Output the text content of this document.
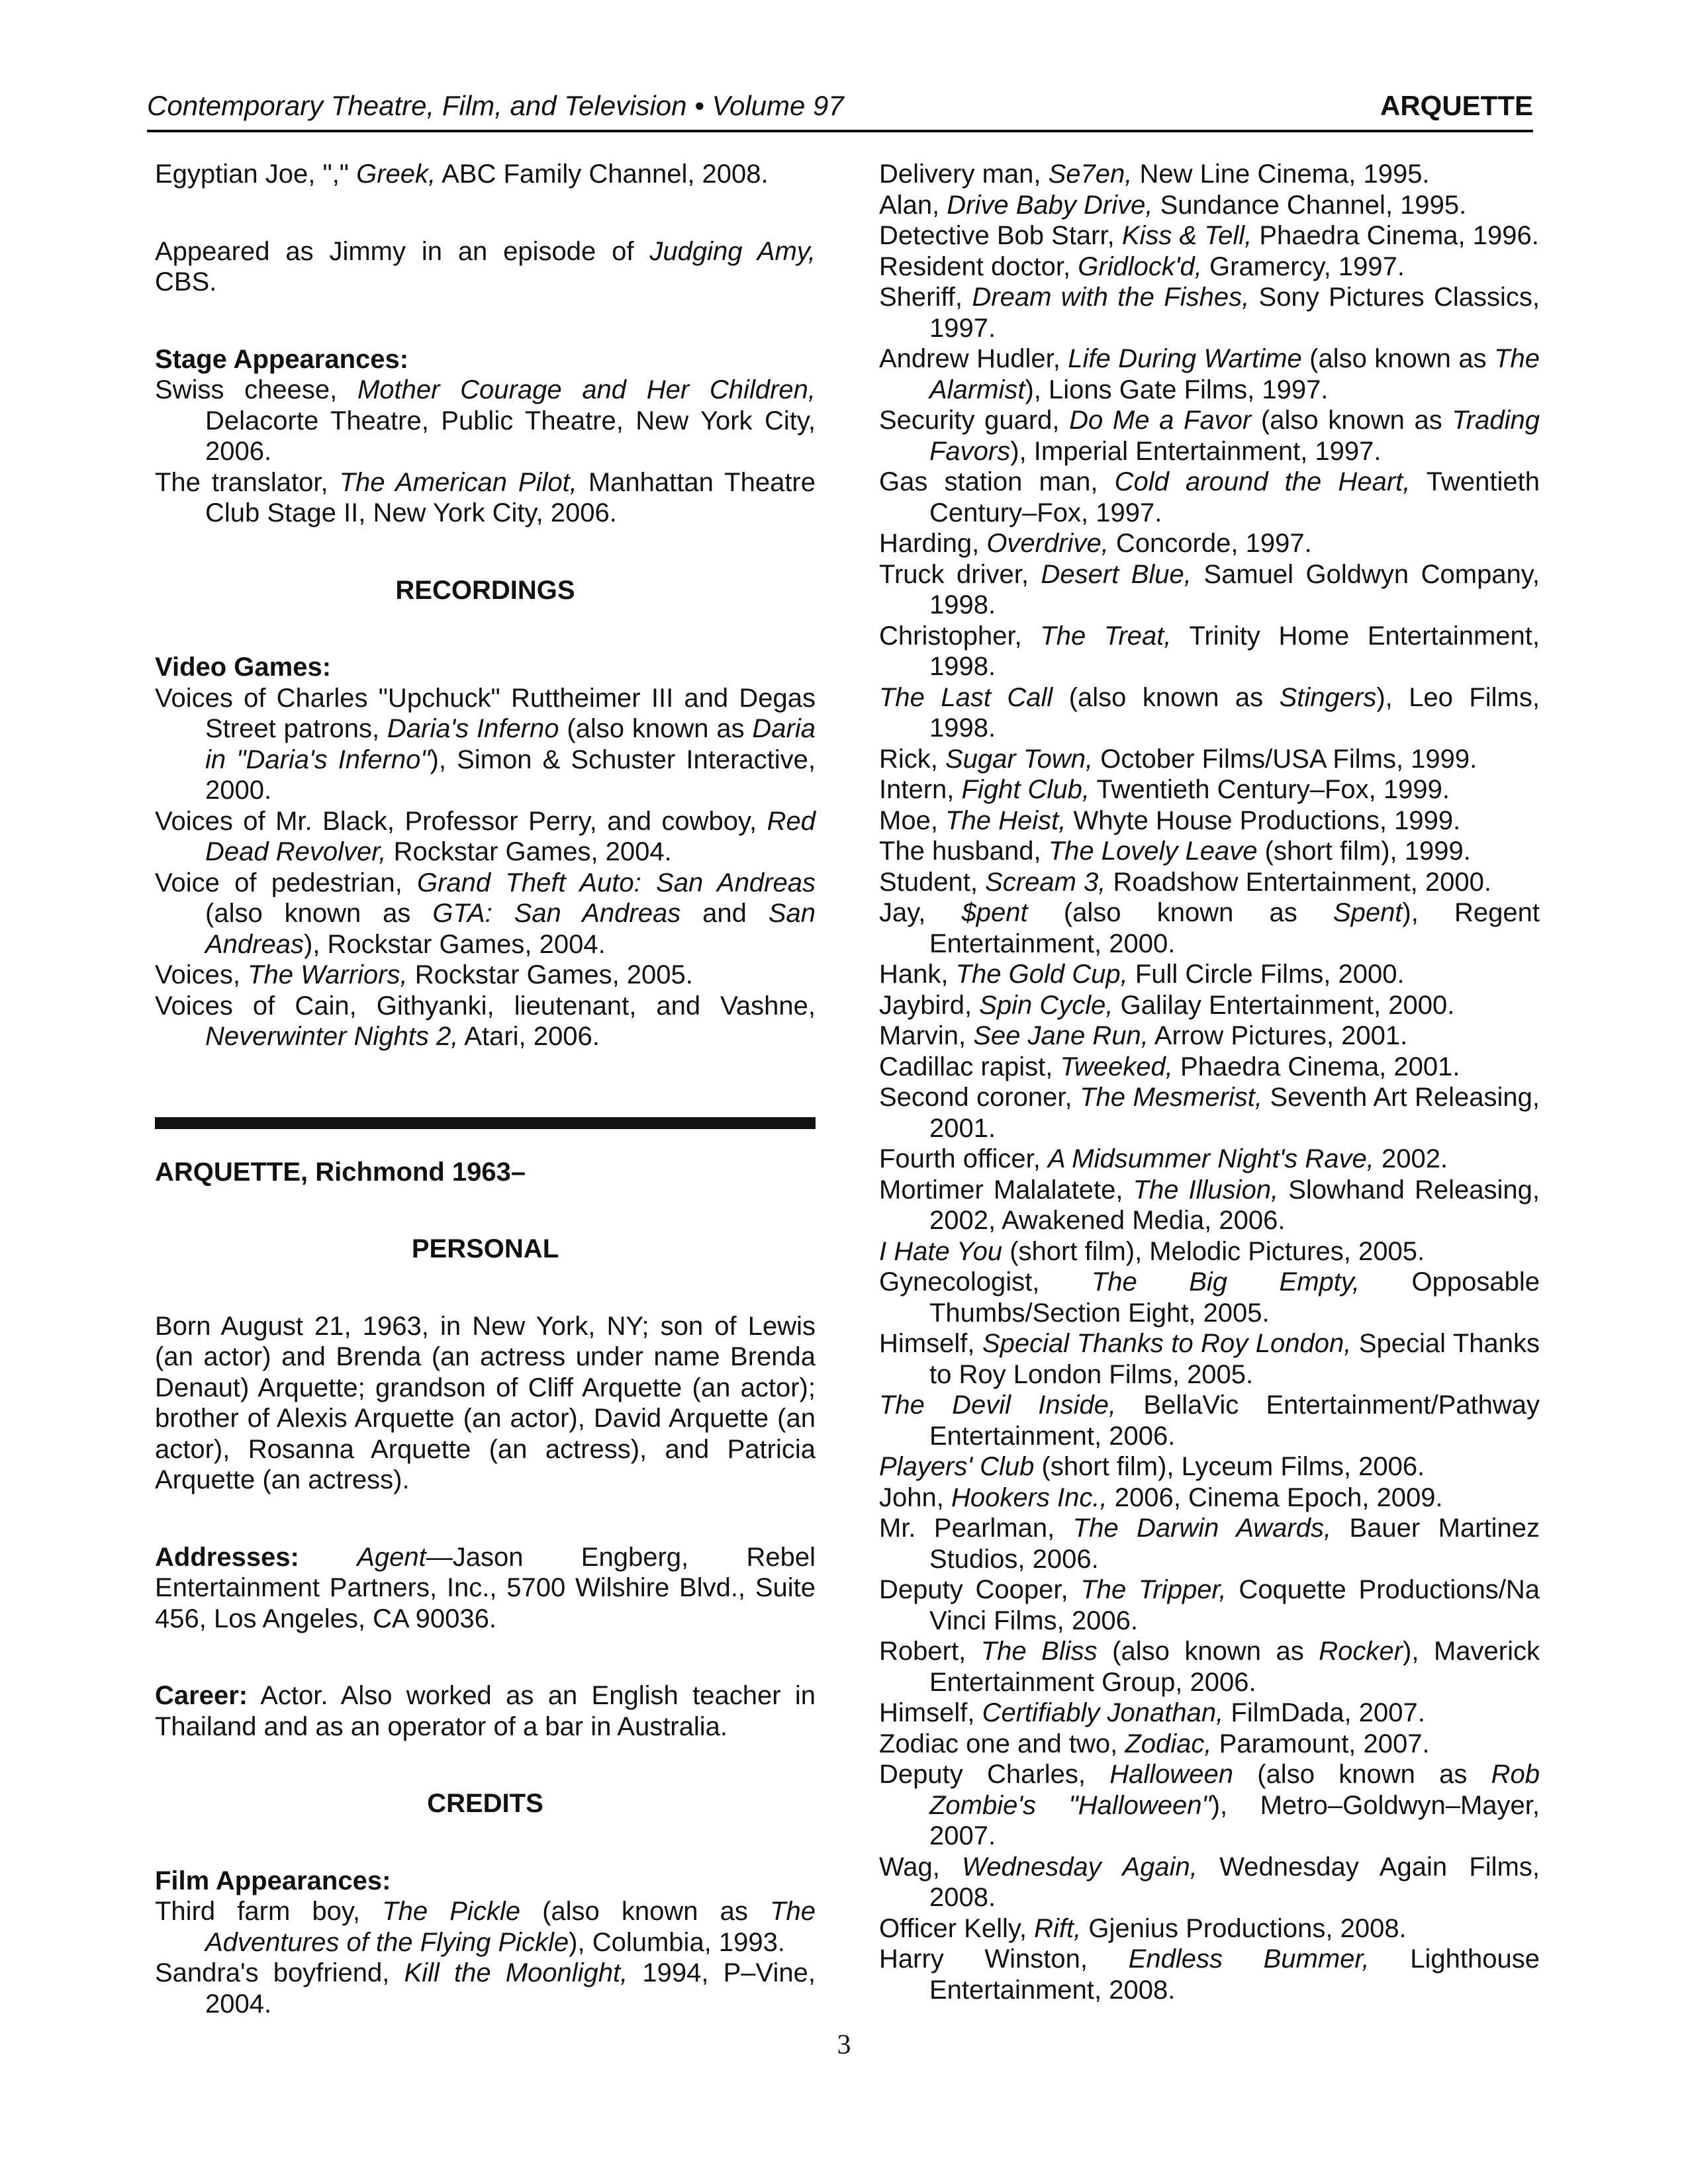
Contemporary Theatre, Film, and Television • Volume 97	ARQUETTE
Egyptian Joe, "," Greek, ABC Family Channel, 2008.
Appeared as Jimmy in an episode of Judging Amy, CBS.
Stage Appearances:
Swiss cheese, Mother Courage and Her Children, Delacorte Theatre, Public Theatre, New York City, 2006.
The translator, The American Pilot, Manhattan Theatre Club Stage II, New York City, 2006.
RECORDINGS
Video Games:
Voices of Charles "Upchuck" Ruttheimer III and Degas Street patrons, Daria's Inferno (also known as Daria in "Daria's Inferno"), Simon & Schuster Interactive, 2000.
Voices of Mr. Black, Professor Perry, and cowboy, Red Dead Revolver, Rockstar Games, 2004.
Voice of pedestrian, Grand Theft Auto: San Andreas (also known as GTA: San Andreas and San Andreas), Rockstar Games, 2004.
Voices, The Warriors, Rockstar Games, 2005.
Voices of Cain, Githyanki, lieutenant, and Vashne, Neverwinter Nights 2, Atari, 2006.
ARQUETTE, Richmond 1963–
PERSONAL
Born August 21, 1963, in New York, NY; son of Lewis (an actor) and Brenda (an actress under name Brenda Denaut) Arquette; grandson of Cliff Arquette (an actor); brother of Alexis Arquette (an actor), David Arquette (an actor), Rosanna Arquette (an actress), and Patricia Arquette (an actress).
Addresses: Agent—Jason Engberg, Rebel Entertainment Partners, Inc., 5700 Wilshire Blvd., Suite 456, Los Angeles, CA 90036.
Career: Actor. Also worked as an English teacher in Thailand and as an operator of a bar in Australia.
CREDITS
Film Appearances:
Third farm boy, The Pickle (also known as The Adventures of the Flying Pickle), Columbia, 1993.
Sandra's boyfriend, Kill the Moonlight, 1994, P–Vine, 2004.
Delivery man, Se7en, New Line Cinema, 1995.
Alan, Drive Baby Drive, Sundance Channel, 1995.
Detective Bob Starr, Kiss & Tell, Phaedra Cinema, 1996.
Resident doctor, Gridlock'd, Gramercy, 1997.
Sheriff, Dream with the Fishes, Sony Pictures Classics, 1997.
Andrew Hudler, Life During Wartime (also known as The Alarmist), Lions Gate Films, 1997.
Security guard, Do Me a Favor (also known as Trading Favors), Imperial Entertainment, 1997.
Gas station man, Cold around the Heart, Twentieth Century–Fox, 1997.
Harding, Overdrive, Concorde, 1997.
Truck driver, Desert Blue, Samuel Goldwyn Company, 1998.
Christopher, The Treat, Trinity Home Entertainment, 1998.
The Last Call (also known as Stingers), Leo Films, 1998.
Rick, Sugar Town, October Films/USA Films, 1999.
Intern, Fight Club, Twentieth Century–Fox, 1999.
Moe, The Heist, Whyte House Productions, 1999.
The husband, The Lovely Leave (short film), 1999.
Student, Scream 3, Roadshow Entertainment, 2000.
Jay, $pent (also known as Spent), Regent Entertainment, 2000.
Hank, The Gold Cup, Full Circle Films, 2000.
Jaybird, Spin Cycle, Galilay Entertainment, 2000.
Marvin, See Jane Run, Arrow Pictures, 2001.
Cadillac rapist, Tweeked, Phaedra Cinema, 2001.
Second coroner, The Mesmerist, Seventh Art Releasing, 2001.
Fourth officer, A Midsummer Night's Rave, 2002.
Mortimer Malalatete, The Illusion, Slowhand Releasing, 2002, Awakened Media, 2006.
I Hate You (short film), Melodic Pictures, 2005.
Gynecologist, The Big Empty, Opposable Thumbs/Section Eight, 2005.
Himself, Special Thanks to Roy London, Special Thanks to Roy London Films, 2005.
The Devil Inside, BellaVic Entertainment/Pathway Entertainment, 2006.
Players' Club (short film), Lyceum Films, 2006.
John, Hookers Inc., 2006, Cinema Epoch, 2009.
Mr. Pearlman, The Darwin Awards, Bauer Martinez Studios, 2006.
Deputy Cooper, The Tripper, Coquette Productions/Na Vinci Films, 2006.
Robert, The Bliss (also known as Rocker), Maverick Entertainment Group, 2006.
Himself, Certifiably Jonathan, FilmDada, 2007.
Zodiac one and two, Zodiac, Paramount, 2007.
Deputy Charles, Halloween (also known as Rob Zombie's "Halloween"), Metro–Goldwyn–Mayer, 2007.
Wag, Wednesday Again, Wednesday Again Films, 2008.
Officer Kelly, Rift, Gjenius Productions, 2008.
Harry Winston, Endless Bummer, Lighthouse Entertainment, 2008.
3
